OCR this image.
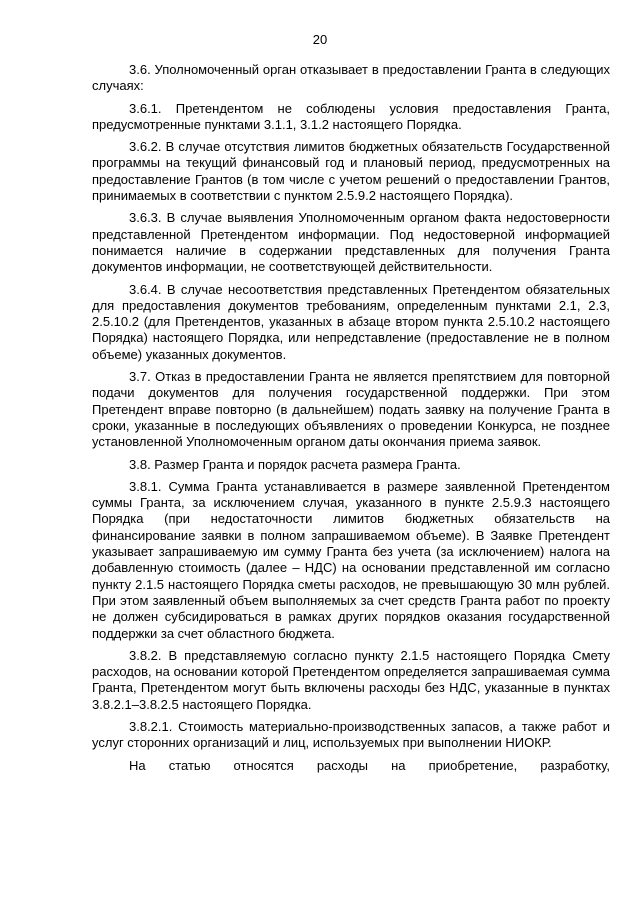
20

3.6. Уполномоченный орган отказывает в предоставлении Гранта в следующих случаях:

3.6.1. Претендентом не соблюдены условия предоставления Гранта, предусмотренные пунктами 3.1.1, 3.1.2 настоящего Порядка.

3.6.2. В случае отсутствия лимитов бюджетных обязательств Государственной программы на текущий финансовый год и плановый период, предусмотренных на предоставление Грантов (в том числе с учетом решений о предоставлении Грантов, принимаемых в соответствии с пунктом 2.5.9.2 настоящего Порядка).

3.6.3. В случае выявления Уполномоченным органом факта недостоверности представленной Претендентом информации. Под недостоверной информацией понимается наличие в содержании представленных для получения Гранта документов информации, не соответствующей действительности.

3.6.4. В случае несоответствия представленных Претендентом обязательных для предоставления документов требованиям, определенным пунктами 2.1, 2.3, 2.5.10.2 (для Претендентов, указанных в абзаце втором пункта 2.5.10.2 настоящего Порядка) настоящего Порядка, или непредставление (предоставление не в полном объеме) указанных документов.

3.7. Отказ в предоставлении Гранта не является препятствием для повторной подачи документов для получения государственной поддержки. При этом Претендент вправе повторно (в дальнейшем) подать заявку на получение Гранта в сроки, указанные в последующих объявлениях о проведении Конкурса, не позднее установленной Уполномоченным органом даты окончания приема заявок.

3.8. Размер Гранта и порядок расчета размера Гранта.

3.8.1. Сумма Гранта устанавливается в размере заявленной Претендентом суммы Гранта, за исключением случая, указанного в пункте 2.5.9.3 настоящего Порядка (при недостаточности лимитов бюджетных обязательств на финансирование заявки в полном запрашиваемом объеме). В Заявке Претендент указывает запрашиваемую им сумму Гранта без учета (за исключением) налога на добавленную стоимость (далее – НДС) на основании представленной им согласно пункту 2.1.5 настоящего Порядка сметы расходов, не превышающую 30 млн рублей. При этом заявленный объем выполняемых за счет средств Гранта работ по проекту не должен субсидироваться в рамках других порядков оказания государственной поддержки за счет областного бюджета.

3.8.2. В представляемую согласно пункту 2.1.5 настоящего Порядка Смету расходов, на основании которой Претендентом определяется запрашиваемая сумма Гранта, Претендентом могут быть включены расходы без НДС, указанные в пунктах 3.8.2.1–3.8.2.5 настоящего Порядка.

3.8.2.1. Стоимость материально-производственных запасов, а также работ и услуг сторонних организаций и лиц, используемых при выполнении НИОКР.

На статью относятся расходы на приобретение, разработку,
